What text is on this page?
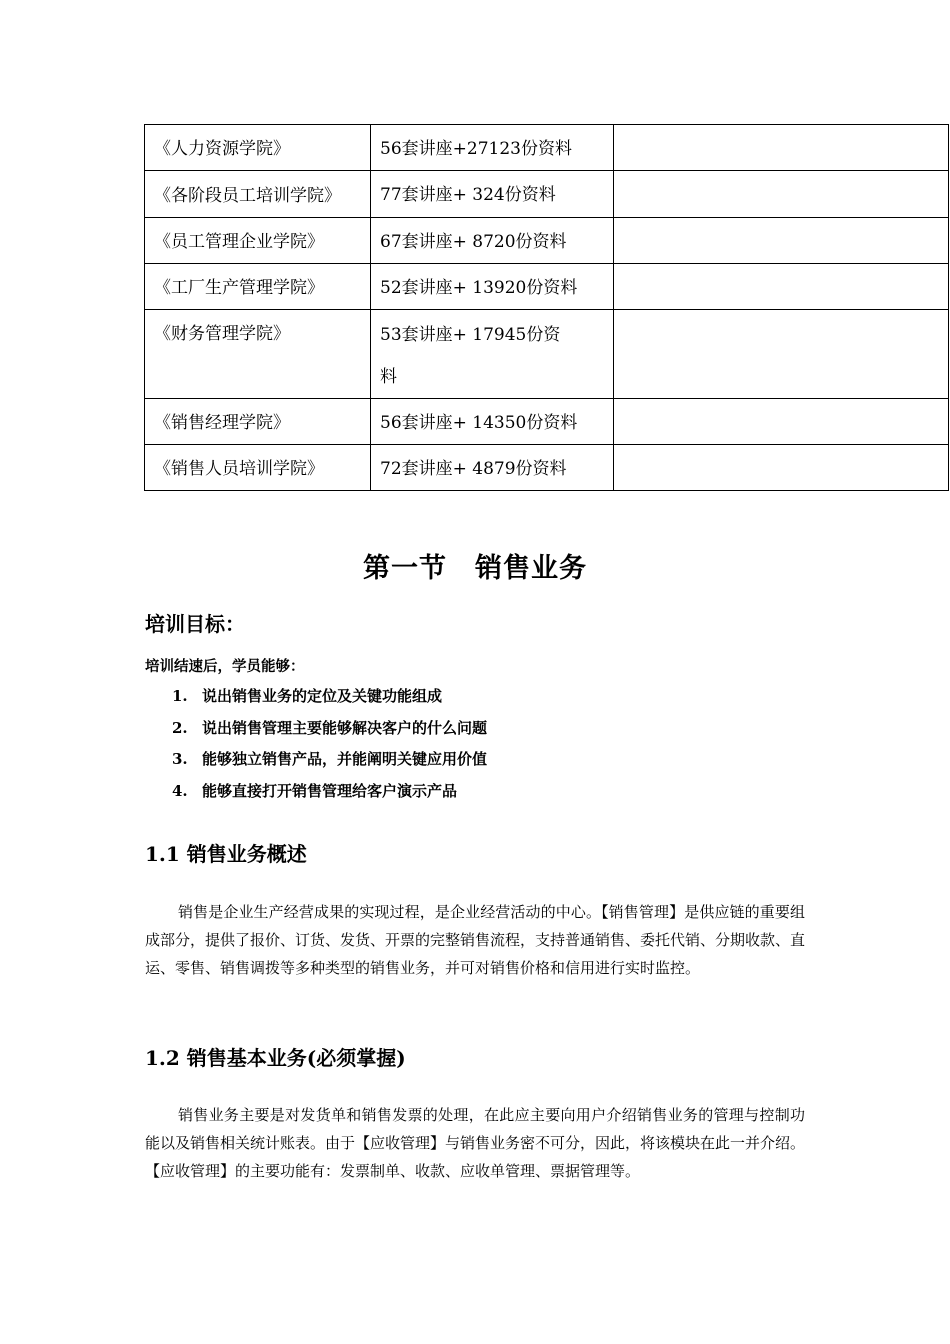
《人力资源学院》	56套讲座+27123份资料	

《各阶段员工培训学院》	77套讲座+ 324份资料	

《员工管理企业学院》	67套讲座+ 8720份资料	

《工厂生产管理学院》	52套讲座+ 13920份资料	

《财务管理学院》	53套讲座+ 17945份资料	

《销售经理学院》	56套讲座+ 14350份资料	

《销售人员培训学院》	72套讲座+ 4879份资料	

第一节　销售业务
培训目标：
培训结速后，学员能够：
1. 说出销售业务的定位及关键功能组成
2. 说出销售管理主要能够解决客户的什么问题
3. 能够独立销售产品，并能阐明关键应用价值
4. 能够直接打开销售管理给客户演示产品
1.1 销售业务概述
销售是企业生产经营成果的实现过程，是企业经营活动的中心。【销售管理】是供应链的重要组成部分，提供了报价、订货、发货、开票的完整销售流程，支持普通销售、委托代销、分期收款、直运、零售、销售调拨等多种类型的销售业务，并可对销售价格和信用进行实时监控。
1.2 销售基本业务(必须掌握)
销售业务主要是对发货单和销售发票的处理，在此应主要向用户介绍销售业务的管理与控制功能以及销售相关统计账表。由于【应收管理】与销售业务密不可分，因此，将该模块在此一并介绍。【应收管理】的主要功能有：发票制单、收款、应收单管理、票据管理等。
